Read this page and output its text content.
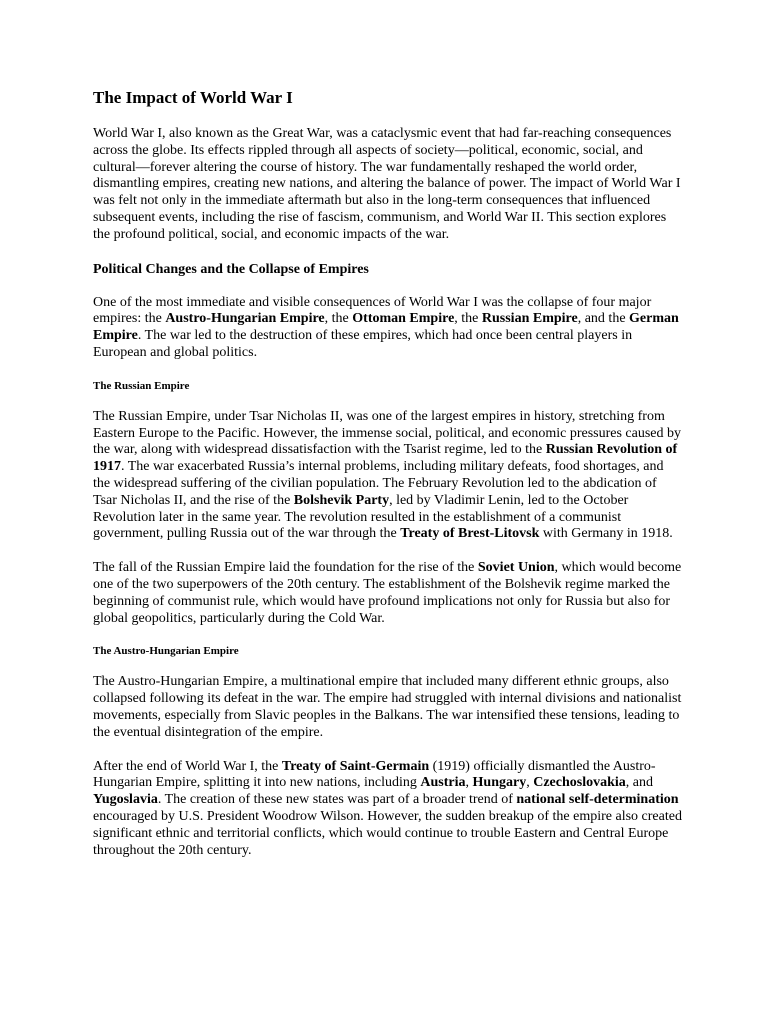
The Impact of World War I

World War I, also known as the Great War, was a cataclysmic event that had far-reaching consequences across the globe. Its effects rippled through all aspects of society—political, economic, social, and cultural—forever altering the course of history. The war fundamentally reshaped the world order, dismantling empires, creating new nations, and altering the balance of power. The impact of World War I was felt not only in the immediate aftermath but also in the long-term consequences that influenced subsequent events, including the rise of fascism, communism, and World War II. This section explores the profound political, social, and economic impacts of the war.

Political Changes and the Collapse of Empires

One of the most immediate and visible consequences of World War I was the collapse of four major empires: the Austro-Hungarian Empire, the Ottoman Empire, the Russian Empire, and the German Empire. The war led to the destruction of these empires, which had once been central players in European and global politics.

The Russian Empire

The Russian Empire, under Tsar Nicholas II, was one of the largest empires in history, stretching from Eastern Europe to the Pacific. However, the immense social, political, and economic pressures caused by the war, along with widespread dissatisfaction with the Tsarist regime, led to the Russian Revolution of 1917. The war exacerbated Russia’s internal problems, including military defeats, food shortages, and the widespread suffering of the civilian population. The February Revolution led to the abdication of Tsar Nicholas II, and the rise of the Bolshevik Party, led by Vladimir Lenin, led to the October Revolution later in the same year. The revolution resulted in the establishment of a communist government, pulling Russia out of the war through the Treaty of Brest-Litovsk with Germany in 1918.

The fall of the Russian Empire laid the foundation for the rise of the Soviet Union, which would become one of the two superpowers of the 20th century. The establishment of the Bolshevik regime marked the beginning of communist rule, which would have profound implications not only for Russia but also for global geopolitics, particularly during the Cold War.

The Austro-Hungarian Empire

The Austro-Hungarian Empire, a multinational empire that included many different ethnic groups, also collapsed following its defeat in the war. The empire had struggled with internal divisions and nationalist movements, especially from Slavic peoples in the Balkans. The war intensified these tensions, leading to the eventual disintegration of the empire.

After the end of World War I, the Treaty of Saint-Germain (1919) officially dismantled the Austro-Hungarian Empire, splitting it into new nations, including Austria, Hungary, Czechoslovakia, and Yugoslavia. The creation of these new states was part of a broader trend of national self-determination encouraged by U.S. President Woodrow Wilson. However, the sudden breakup of the empire also created significant ethnic and territorial conflicts, which would continue to trouble Eastern and Central Europe throughout the 20th century.
